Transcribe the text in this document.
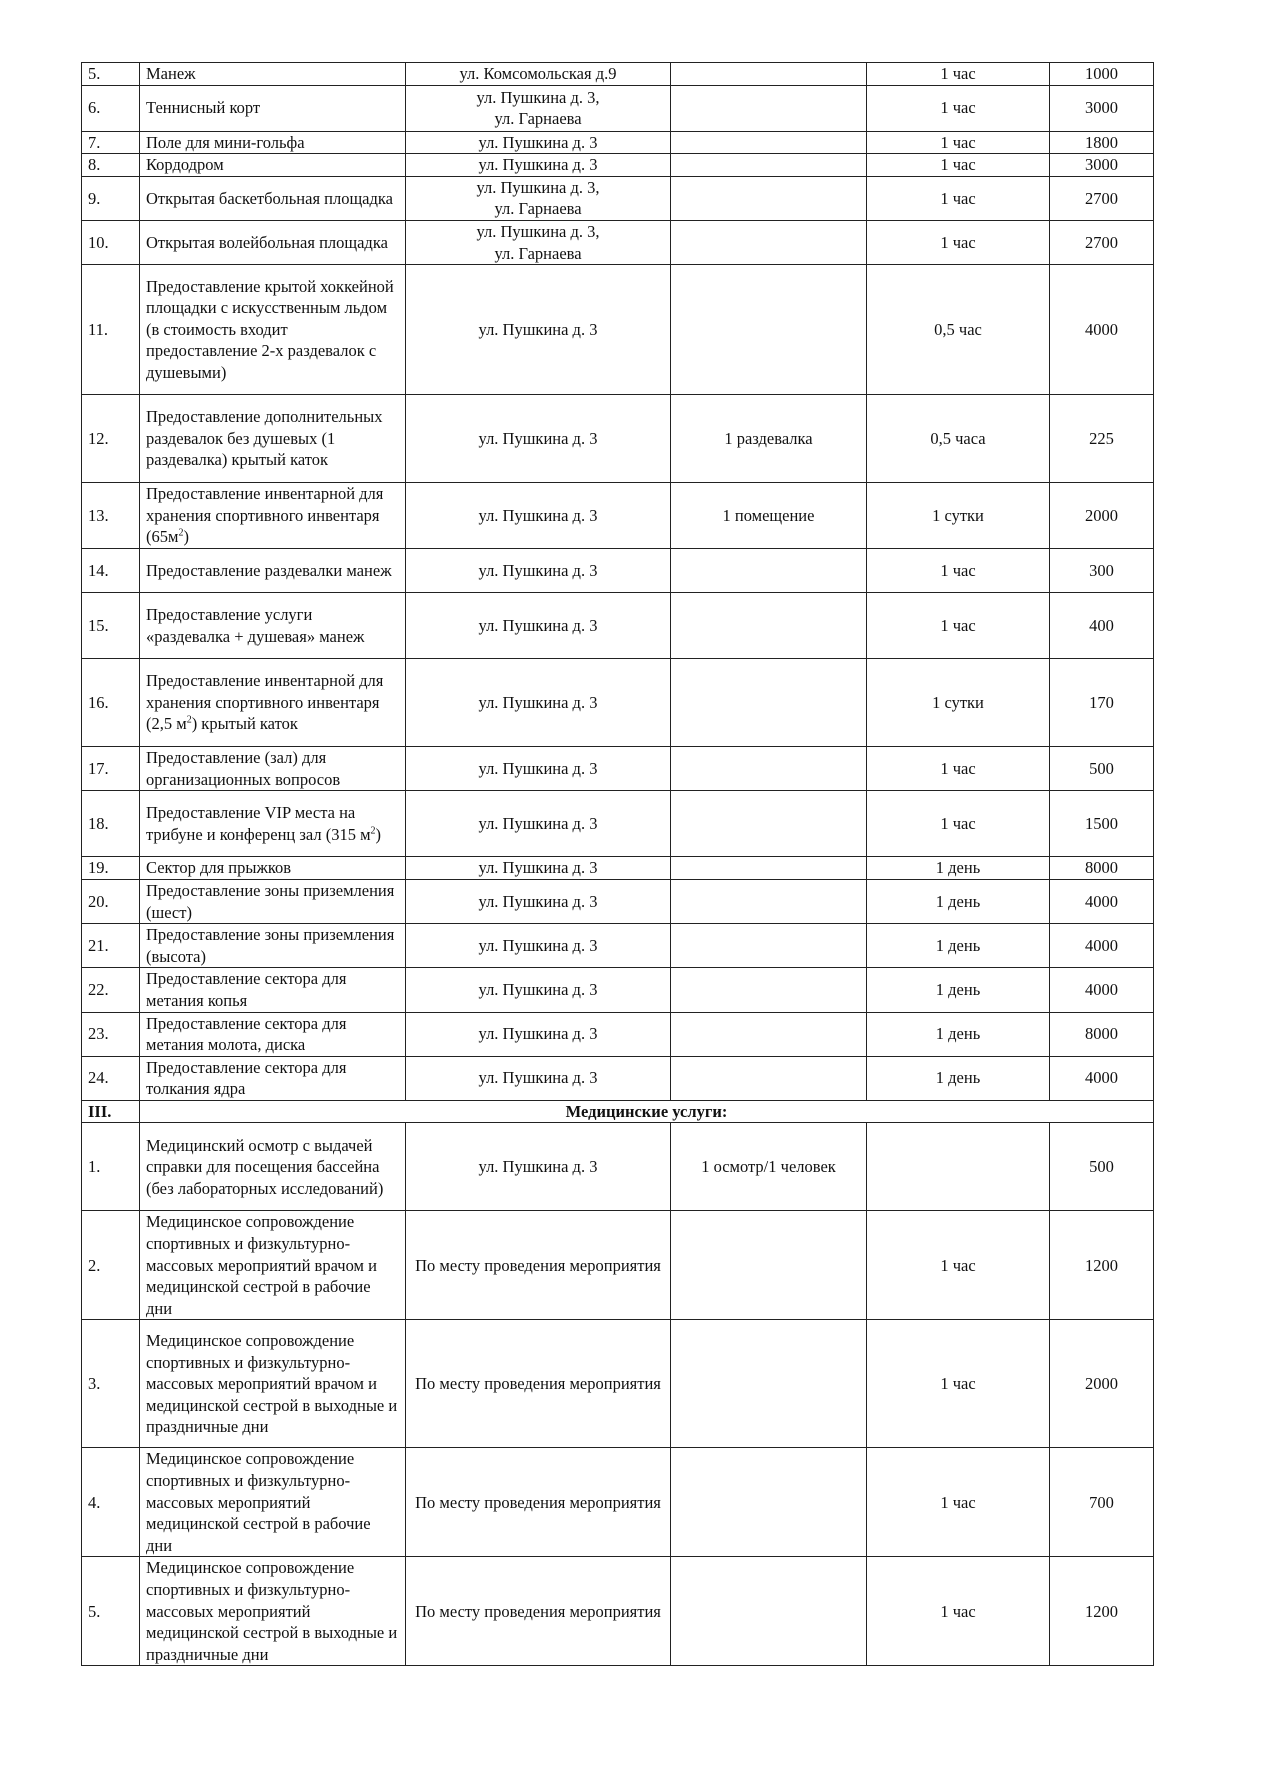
5.	Манеж	ул. Комсомольская д.9		1 час	1000
6.	Теннисный корт	ул. Пушкина д. 3,
ул. Гарнаева		1 час	3000
7.	Поле для мини-гольфа	ул. Пушкина д. 3		1 час	1800
8.	Кордодром	ул. Пушкина д. 3		1 час	3000
9.	Открытая баскетбольная площадка	ул. Пушкина д. 3,
ул. Гарнаева		1 час	2700
10.	Открытая волейбольная площадка	ул. Пушкина д. 3,
ул. Гарнаева		1 час	2700
11.	Предоставление крытой хоккейной площадки с искусственным льдом (в стоимость входит предоставление 2-х раздевалок с душевыми)	ул. Пушкина д. 3		0,5 час	4000
12.	Предоставление дополнительных раздевалок без душевых (1 раздевалка) крытый каток	ул. Пушкина д. 3	1 раздевалка	0,5 часа	225
13.	Предоставление инвентарной для хранения спортивного инвентаря $(65м^2)$	ул. Пушкина д. 3	1 помещение	1 сутки	2000
14.	Предоставление раздевалки манеж	ул. Пушкина д. 3		1 час	300
15.	Предоставление услуги «раздевалка + душевая» манеж	ул. Пушкина д. 3		1 час	400
16.	Предоставление инвентарной для хранения спортивного инвентаря (2,5 $м^2$) крытый каток	ул. Пушкина д. 3		1 сутки	170
17.	Предоставление (зал) для организационных вопросов	ул. Пушкина д. 3		1 час	500
18.	Предоставление VIP места на трибуне и конференц зал (315 $м^2$)	ул. Пушкина д. 3		1 час	1500
19.	Сектор для прыжков	ул. Пушкина д. 3		1 день	8000
20.	Предоставление зоны приземления (шест)	ул. Пушкина д. 3		1 день	4000
21.	Предоставление зоны приземления (высота)	ул. Пушкина д. 3		1 день	4000
22.	Предоставление сектора для метания копья	ул. Пушкина д. 3		1 день	4000
23.	Предоставление сектора для метания молота, диска	ул. Пушкина д. 3		1 день	8000
24.	Предоставление сектора для толкания ядра	ул. Пушкина д. 3		1 день	4000
III.	Медицинские услуги:				
1.	Медицинский осмотр с выдачей справки для посещения бассейна (без лабораторных исследований)	ул. Пушкина д. 3	1 осмотр/1 человек		500
2.	Медицинское сопровождение спортивных и физкультурно-массовых мероприятий врачом и медицинской сестрой в рабочие дни	По месту проведения мероприятия		1 час	1200
3.	Медицинское сопровождение спортивных и физкультурно-массовых мероприятий врачом и медицинской сестрой в выходные и праздничные дни	По месту проведения мероприятия		1 час	2000
4.	Медицинское сопровождение спортивных и физкультурно-массовых мероприятий медицинской сестрой в рабочие дни	По месту проведения мероприятия		1 час	700
5.	Медицинское сопровождение спортивных и физкультурно-массовых мероприятий медицинской сестрой в выходные и праздничные дни	По месту проведения мероприятия		1 час	1200
